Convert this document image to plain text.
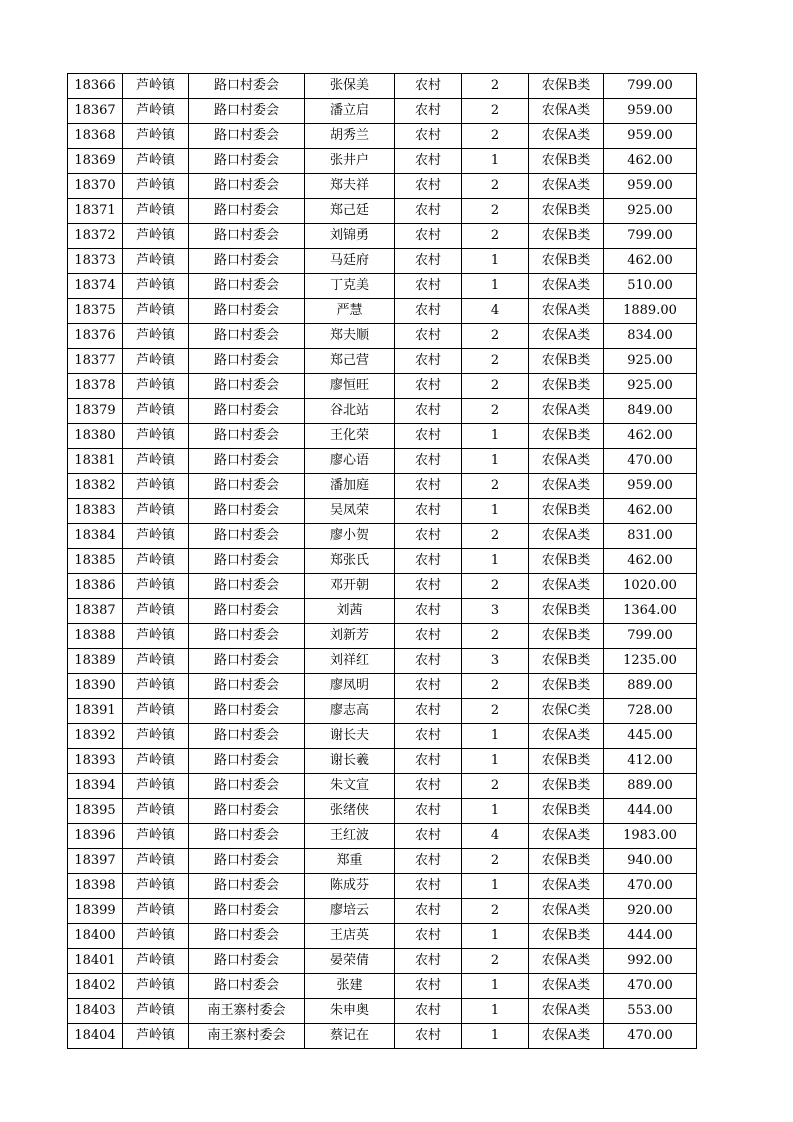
18366	芦岭镇	路口村委会	张保美	农村	2	农保B类	799.00
18367	芦岭镇	路口村委会	潘立启	农村	2	农保A类	959.00
18368	芦岭镇	路口村委会	胡秀兰	农村	2	农保A类	959.00
18369	芦岭镇	路口村委会	张井户	农村	1	农保B类	462.00
18370	芦岭镇	路口村委会	郑夫祥	农村	2	农保A类	959.00
18371	芦岭镇	路口村委会	郑己廷	农村	2	农保B类	925.00
18372	芦岭镇	路口村委会	刘锦勇	农村	2	农保B类	799.00
18373	芦岭镇	路口村委会	马廷府	农村	1	农保B类	462.00
18374	芦岭镇	路口村委会	丁克美	农村	1	农保A类	510.00
18375	芦岭镇	路口村委会	严慧	农村	4	农保A类	1889.00
18376	芦岭镇	路口村委会	郑夫顺	农村	2	农保A类	834.00
18377	芦岭镇	路口村委会	郑己营	农村	2	农保B类	925.00
18378	芦岭镇	路口村委会	廖恒旺	农村	2	农保B类	925.00
18379	芦岭镇	路口村委会	谷北站	农村	2	农保A类	849.00
18380	芦岭镇	路口村委会	王化荣	农村	1	农保B类	462.00
18381	芦岭镇	路口村委会	廖心语	农村	1	农保A类	470.00
18382	芦岭镇	路口村委会	潘加庭	农村	2	农保A类	959.00
18383	芦岭镇	路口村委会	吴凤荣	农村	1	农保B类	462.00
18384	芦岭镇	路口村委会	廖小贺	农村	2	农保A类	831.00
18385	芦岭镇	路口村委会	郑张氏	农村	1	农保B类	462.00
18386	芦岭镇	路口村委会	邓开朝	农村	2	农保A类	1020.00
18387	芦岭镇	路口村委会	刘茜	农村	3	农保B类	1364.00
18388	芦岭镇	路口村委会	刘新芳	农村	2	农保B类	799.00
18389	芦岭镇	路口村委会	刘祥红	农村	3	农保B类	1235.00
18390	芦岭镇	路口村委会	廖凤明	农村	2	农保B类	889.00
18391	芦岭镇	路口村委会	廖志高	农村	2	农保C类	728.00
18392	芦岭镇	路口村委会	谢长夫	农村	1	农保A类	445.00
18393	芦岭镇	路口村委会	谢长羲	农村	1	农保B类	412.00
18394	芦岭镇	路口村委会	朱文宣	农村	2	农保B类	889.00
18395	芦岭镇	路口村委会	张绪侠	农村	1	农保B类	444.00
18396	芦岭镇	路口村委会	王红波	农村	4	农保A类	1983.00
18397	芦岭镇	路口村委会	郑重	农村	2	农保B类	940.00
18398	芦岭镇	路口村委会	陈成芬	农村	1	农保A类	470.00
18399	芦岭镇	路口村委会	廖培云	农村	2	农保A类	920.00
18400	芦岭镇	路口村委会	王店英	农村	1	农保B类	444.00
18401	芦岭镇	路口村委会	晏荣倩	农村	2	农保A类	992.00
18402	芦岭镇	路口村委会	张建	农村	1	农保A类	470.00
18403	芦岭镇	南王寨村委会	朱申奥	农村	1	农保A类	553.00
18404	芦岭镇	南王寨村委会	蔡记在	农村	1	农保A类	470.00
